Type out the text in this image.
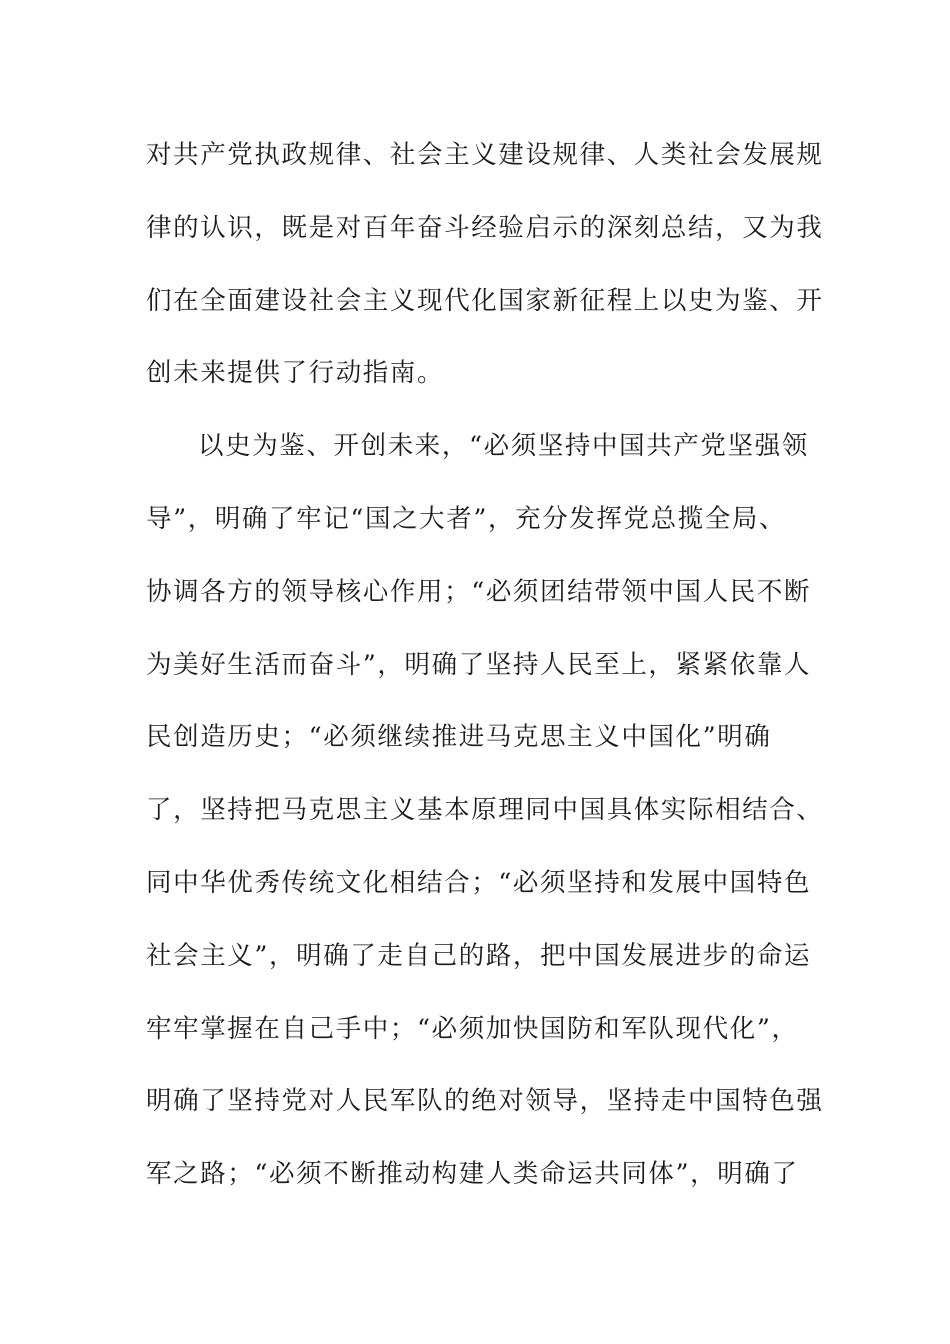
对共产党执政规律、社会主义建设规律、人类社会发展规
律的认识，既是对百年奋斗经验启示的深刻总结，又为我
们在全面建设社会主义现代化国家新征程上以史为鉴、开
创未来提供了行动指南。
以史为鉴、开创未来，“必须坚持中国共产党坚强领
导”，明确了牢记“国之大者”，充分发挥党总揽全局、
协调各方的领导核心作用；“必须团结带领中国人民不断
为美好生活而奋斗”，明确了坚持人民至上，紧紧依靠人
民创造历史；“必须继续推进马克思主义中国化”明确
了，坚持把马克思主义基本原理同中国具体实际相结合、
同中华优秀传统文化相结合；“必须坚持和发展中国特色
社会主义”，明确了走自己的路，把中国发展进步的命运
牢牢掌握在自己手中；“必须加快国防和军队现代化”，
明确了坚持党对人民军队的绝对领导，坚持走中国特色强
军之路；“必须不断推动构建人类命运共同体”，明确了
